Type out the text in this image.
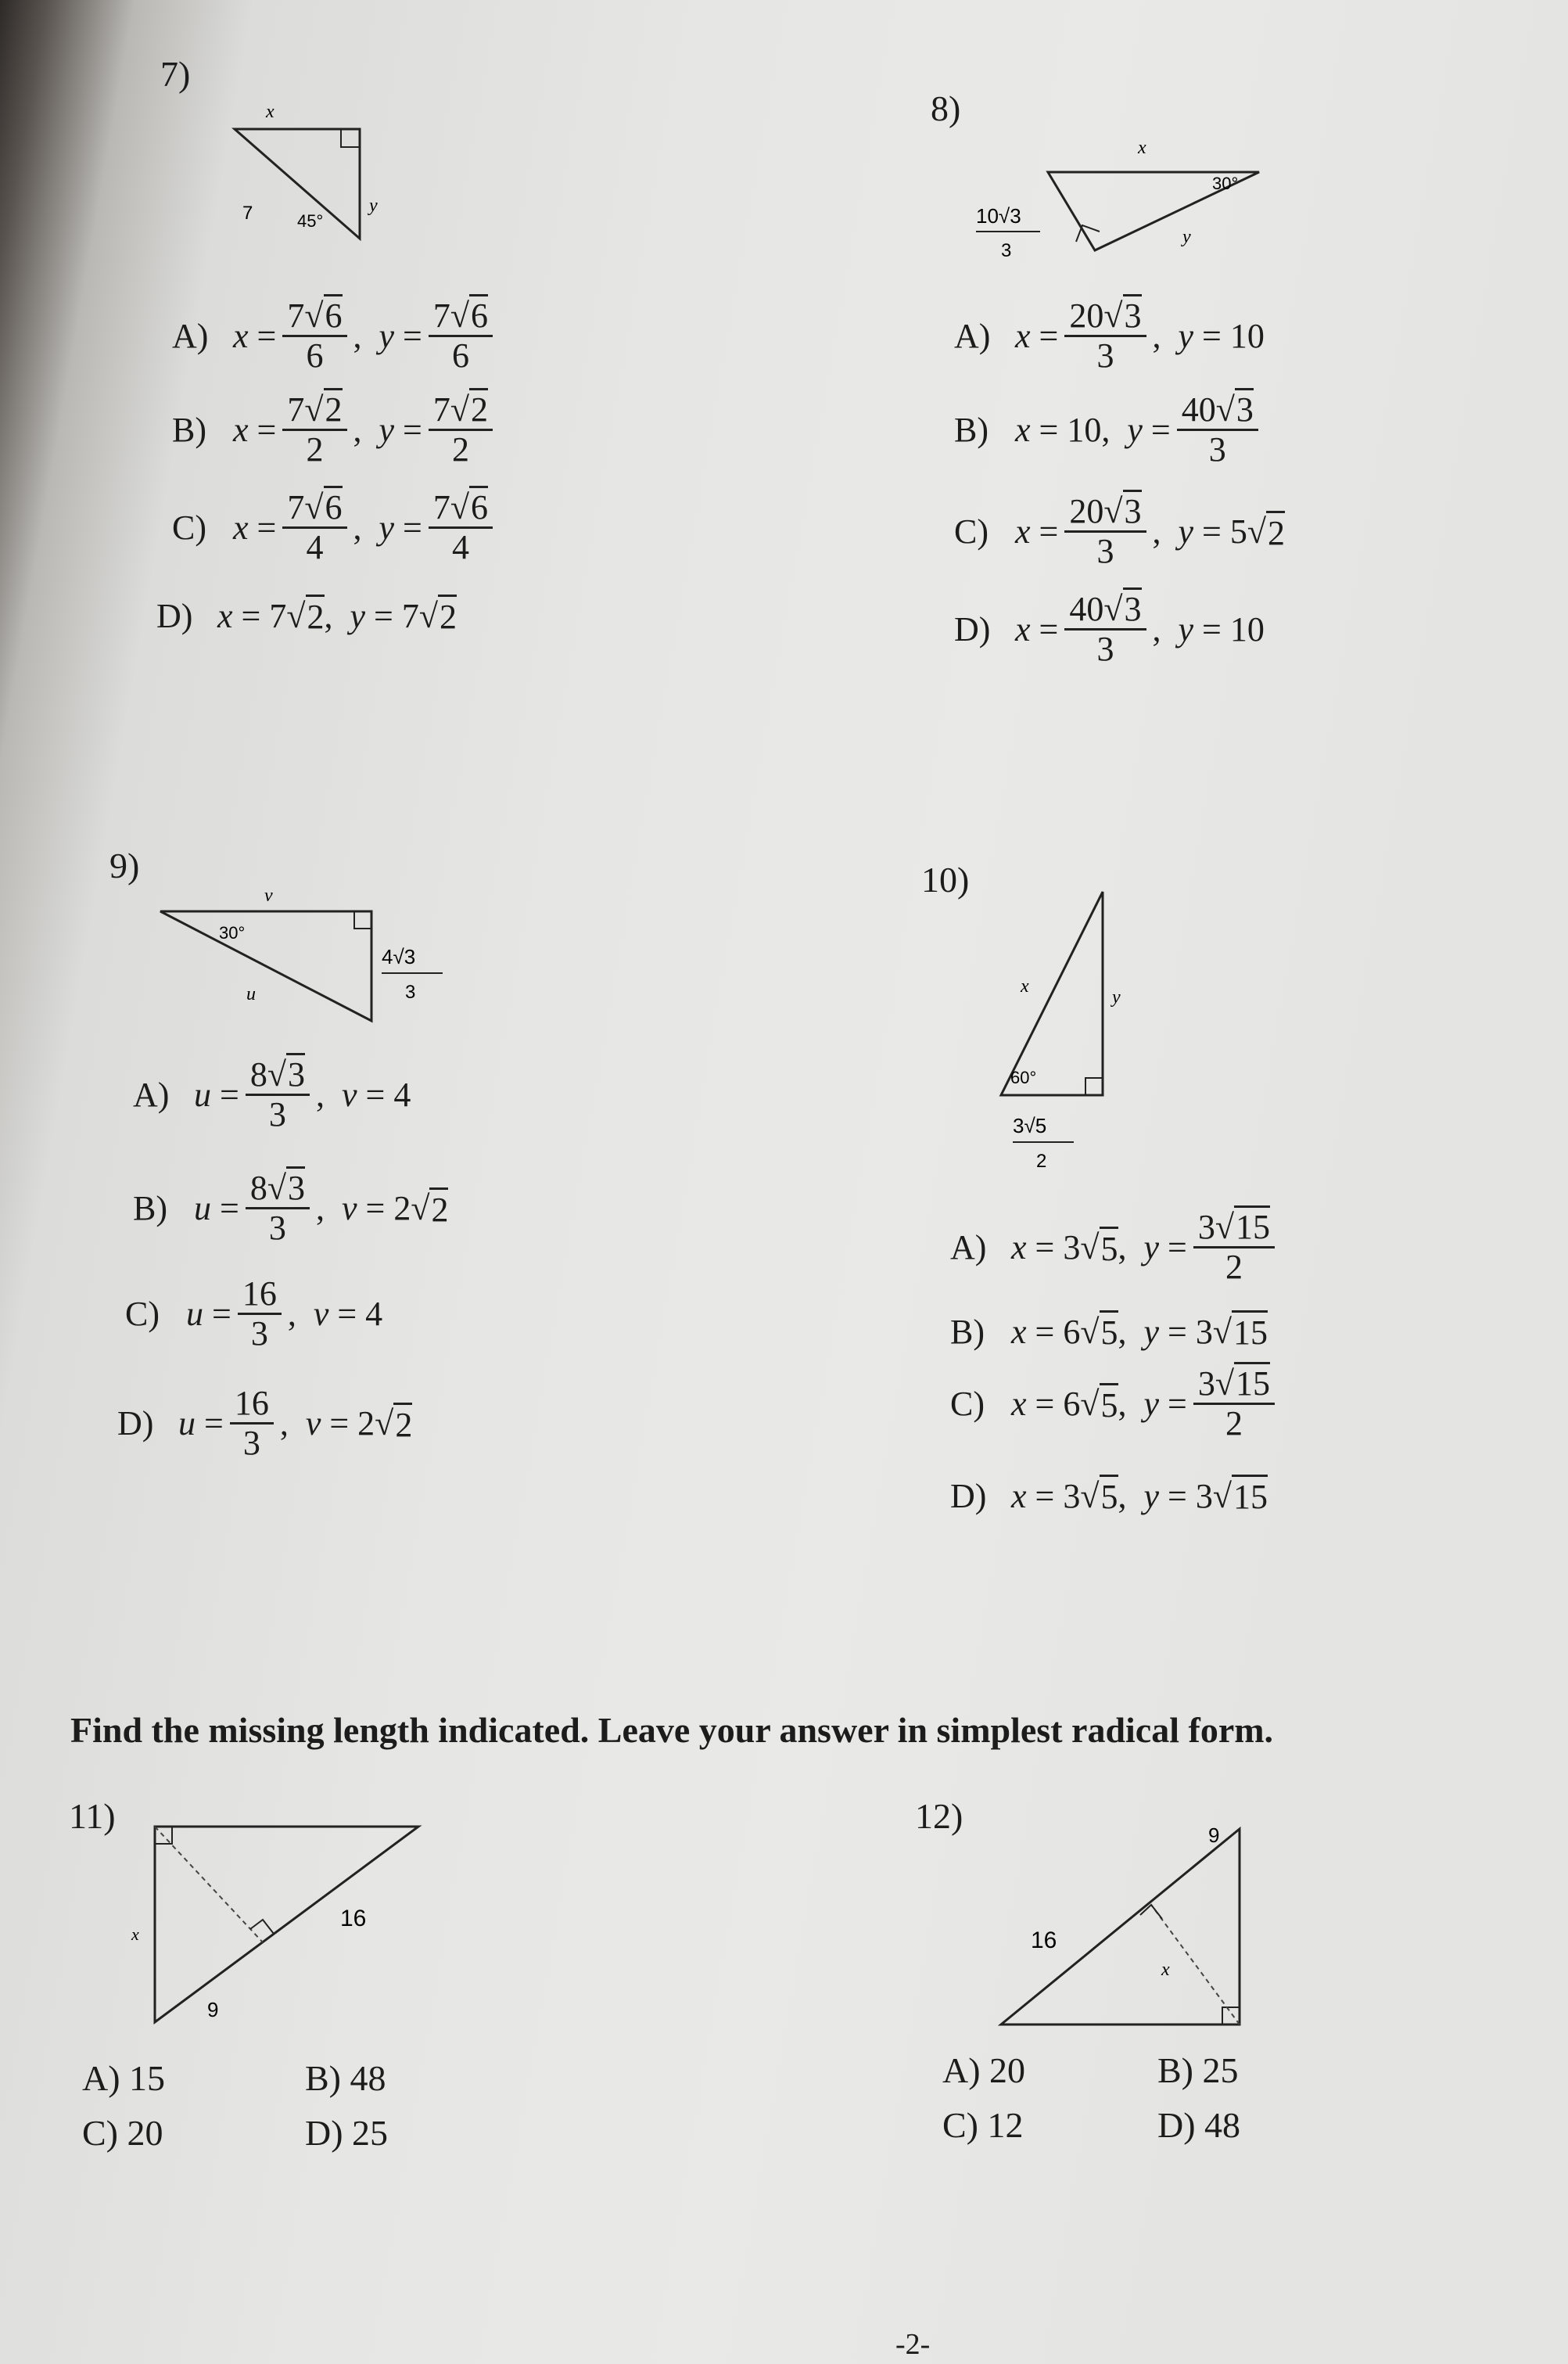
7)
x
7	45°
y
A) $x = \frac{7√6}{6}$ , $y = \frac{7√6}{6}$
B) $x = \frac{7√2}{2}$ , $y = \frac{7√2}{2}$
C) $x = \frac{7√6}{4}$ , $y = \frac{7√6}{4}$
D) x = 7√ 2 , y = 7√ 2
8)
x
30°
10√3
3
y
A) $x = \frac{20√3}{3}$ , y = 10
B) x = 10, $y = \frac{40√3}{3}$
C) $x = \frac{20√3}{3}$ , y = 5√ 2
D) $x = \frac{40√3}{3}$ , y = 10
9)
v
30°
u
4√3
3
A) $u = \frac{8√3}{3}$ , v = 4
B) $u = \frac{8√3}{3}$ , v = 2√ 2
C) $u = \frac{16}{3}$ , v = 4
D) $u = \frac{16}{3}$ , v = 2√ 2
10)
x
y
60°
3√5
2
A) x = 3√ 5 , $y = \frac{3√15}{2}$
B) x = 6√ 5 , y = 3√ 15
C) x = 6√ 5 , $y = \frac{3√15}{2}$
D) x = 3√ 5 , y = 3√ 15
Find the missing length indicated. Leave your answer in simplest radical form.
11)
x
16
9
A) 15	B) 48
C) 20	D) 25
12)	9
16
x
A) 20	B) 25
C) 12	D) 48
-2-
